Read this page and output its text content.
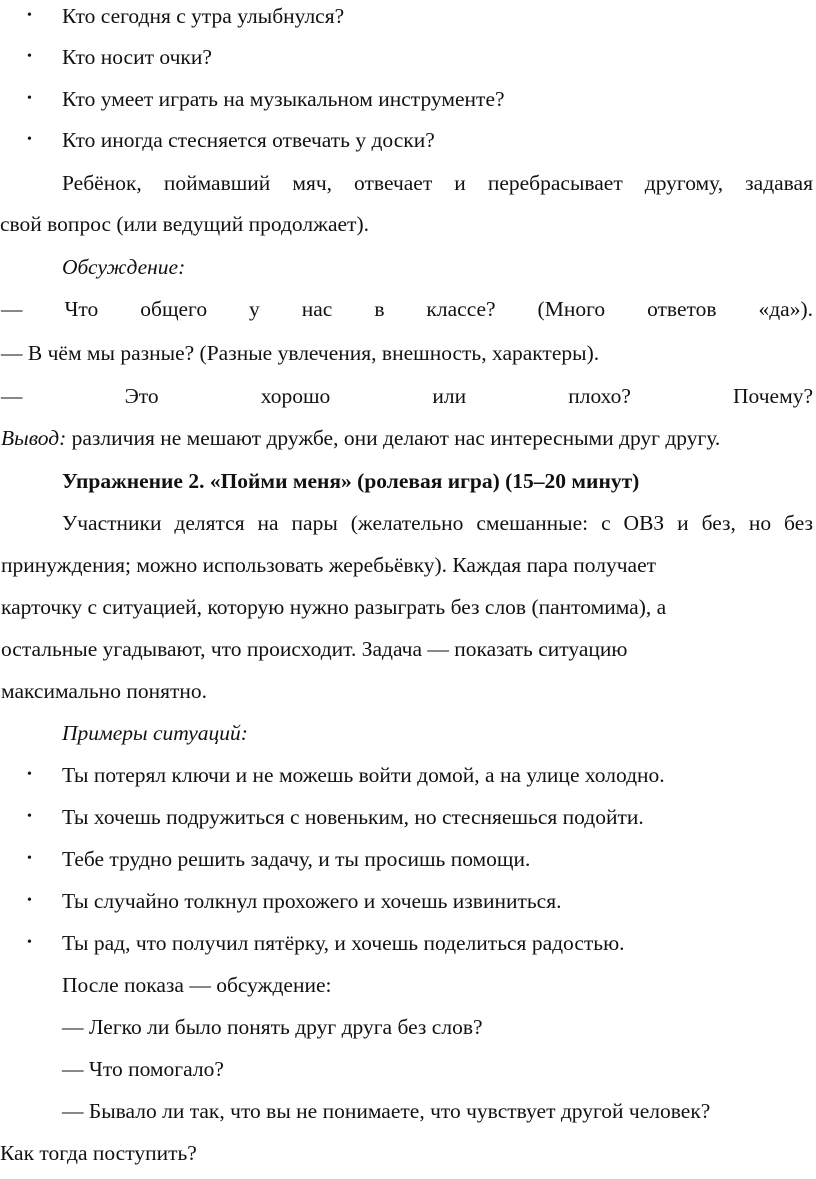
• Кто сегодня с утра улыбнулся?
• Кто носит очки?
• Кто умеет играть на музыкальном инструменте?
• Кто иногда стесняется отвечать у доски?
Ребёнок, поймавший мяч, отвечает и перебрасывает другому, задавая
свой вопрос (или ведущий продолжает).
Обсуждение:
— Что общего у нас в классе? (Много ответов «да»).
— В чём мы разные? (Разные увлечения, внешность, характеры).
— Это хорошо или плохо? Почему?
Вывод: различия не мешают дружбе, они делают нас интересными друг другу.
Упражнение 2. «Пойми меня» (ролевая игра) (15–20 минут)
Участники делятся на пары (желательно смешанные: с ОВЗ и без, но без
принуждения; можно использовать жеребьёвку). Каждая пара получает
карточку с ситуацией, которую нужно разыграть без слов (пантомима), а
остальные угадывают, что происходит. Задача — показать ситуацию
максимально понятно.
Примеры ситуаций:
• Ты потерял ключи и не можешь войти домой, а на улице холодно.
• Ты хочешь подружиться с новеньким, но стесняешься подойти.
• Тебе трудно решить задачу, и ты просишь помощи.
• Ты случайно толкнул прохожего и хочешь извиниться.
• Ты рад, что получил пятёрку, и хочешь поделиться радостью.
После показа — обсуждение:
— Легко ли было понять друг друга без слов?
— Что помогало?
— Бывало ли так, что вы не понимаете, что чувствует другой человек?
Как тогда поступить?
